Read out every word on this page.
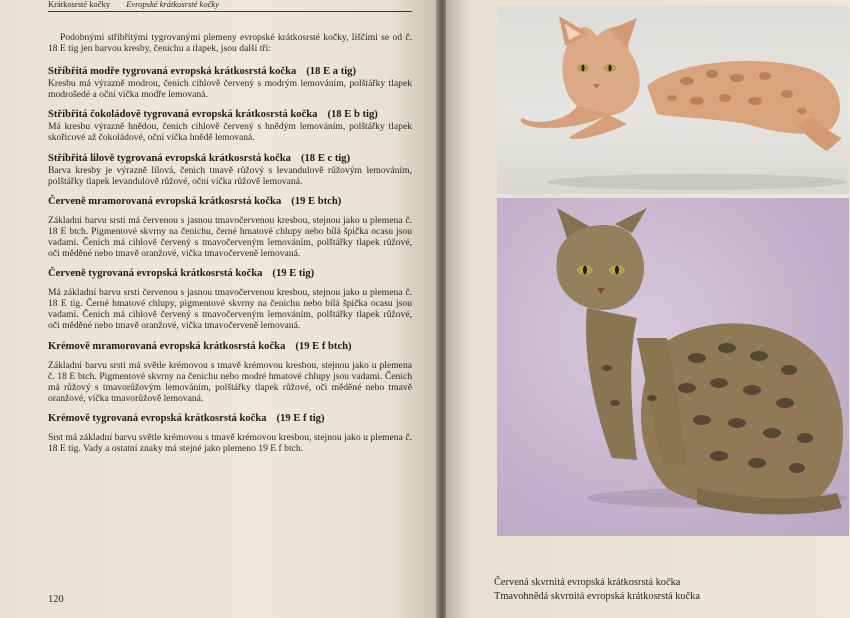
Krátkosrsté kočky Evropské krátkosrsté kočky

Podobnými stříbřitými tygrovanými plemeny evropské krátkosrsté kočky, liščími se od č. 18 E tig jen barvou kresby, čenichu a tlapek, jsou další tři:

Stříbřitá modře tygrovaná evropská krátkosrstá kočka (18 E a tig)

Kresbu má výrazně modrou, čenich cihlově červený s modrým lemováním, polštářky tlapek modrošedé a oční víčka modře lemovaná.

Stříbřitá čokoládově tygrovaná evropská krátkosrstá kočka (18 E b tig)

Má kresbu výrazně hnědou, čenich cihlově červený s hnědým lemováním, polštářky tlapek skořicové až čokoládové, oční víčka hnědě lemovaná.

Stříbřitá lilově tygrovaná evropská krátkosrstá kočka (18 E c tig)

Barva kresby je výrazně lilová, čenich tmavě růžový s levandulově růžovým lemováním, polštářky tlapek levandulově růžové, oční víčka růžově lemovaná.

Červeně mramorovaná evropská krátkosrstá kočka (19 E btch)

Základní barvu srsti má červenou s jasnou tmavočervenou kresbou, stejnou jako u plemena č. 18 E btch. Pigmentové skvrny na čenichu, černé hmatové chlupy nebo bílá špička ocasu jsou vadami. Čenich má cihlově červený s tmavočerveným lemováním, polštářky tlapek růžové, oči měděné nebo tmavě oranžové, víčka tmavočerveně lemovaná.

Červeně tygrovaná evropská krátkosrstá kočka (19 E tig)

Má základní barvu srsti červenou s jasnou tmavočervenou kresbou, stejnou jako u plemena č. 18 E tig. Černé hmatové chlupy, pigmentové skvrny na čenichu nebo bílá špička ocasu jsou vadami. Čenich má cihlově červený s tmavočerveným lemováním, polštářky tlapek růžové, oči měděné nebo tmavě oranžové, víčka tmavočerveně lemovaná.

Krémově mramorovaná evropská krátkosrstá kočka (19 E f btch)

Základní barvu srsti má světle krémovou s tmavě krémovou kresbou, stejnou jako u plemena č. 18 E btch. Pigmentové skvrny na čenichu nebo modré hmatové chlupy jsou vadami. Čenich má růžový s tmavorůžovým lemováním, polštářky tlapek růžové, oči měděné nebo tmavě oranžové, víčka tmavorůžově lemovaná.

Krémově tygrovaná evropská krátkosrstá kočka (19 E f tig)

Srst má základní barvu světle krémovou s tmavě krémovou kresbou, stejnou jako u plemena č. 18 E tig. Vady a ostatní znaky má stejné jako plemeno 19 E f btch.

120
Červená skvrnitá evropská krátkosrstá kočka
Tmavohnědá skvrnitá evropská krátkosrstá kočka
